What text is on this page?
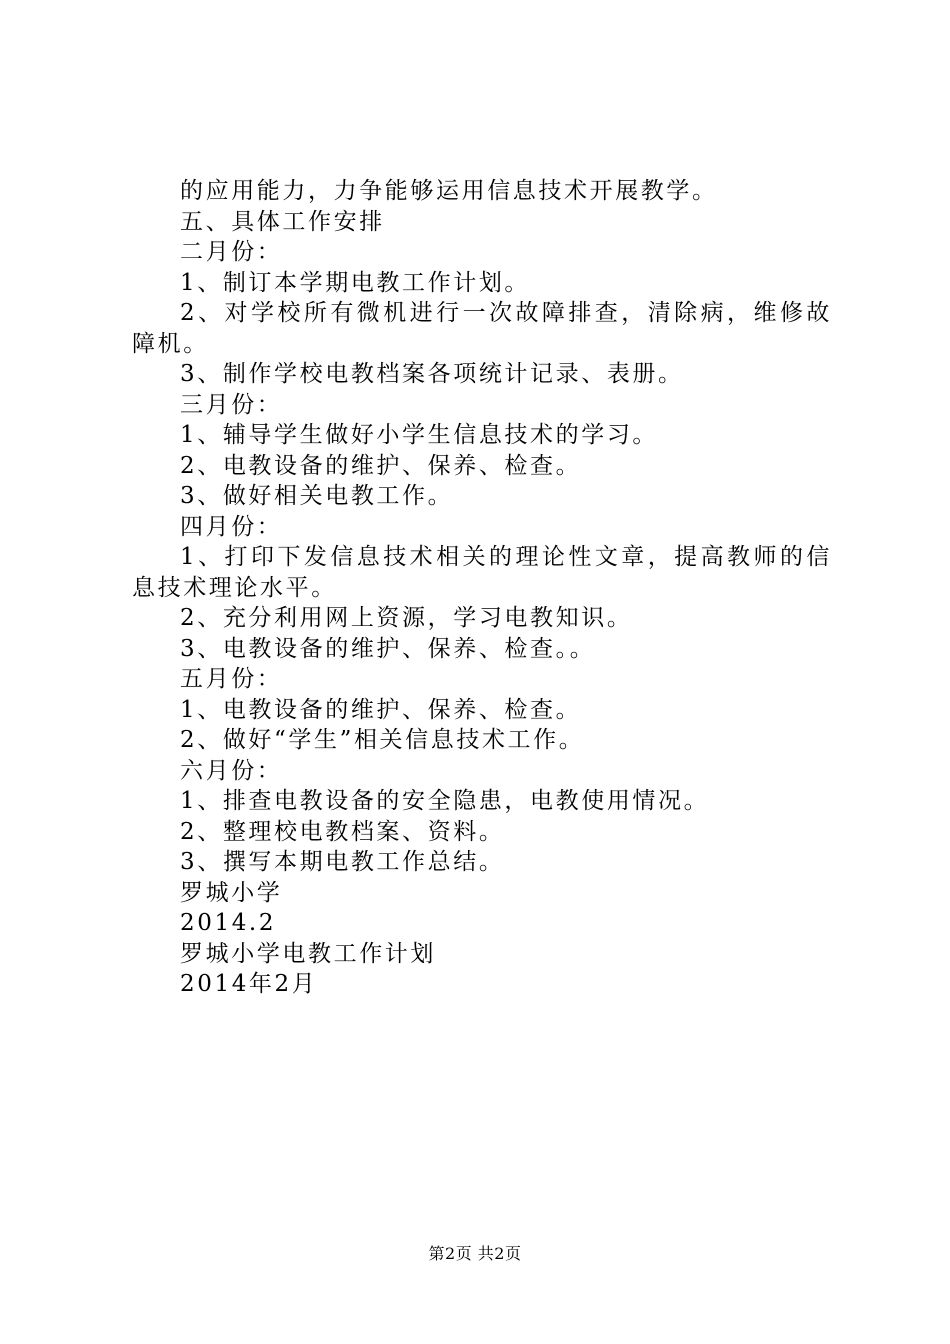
的应用能力，力争能够运用信息技术开展教学。

五、具体工作安排

二月份：

1、制订本学期电教工作计划。

2、对学校所有微机进行一次故障排查，清除病，维修故障机。

3、制作学校电教档案各项统计记录、表册。

三月份：

1、辅导学生做好小学生信息技术的学习。

2、电教设备的维护、保养、检查。

3、做好相关电教工作。

四月份：

1、打印下发信息技术相关的理论性文章，提高教师的信息技术理论水平。

2、充分利用网上资源，学习电教知识。

3、电教设备的维护、保养、检查。。

五月份：

1、电教设备的维护、保养、检查。

2、做好“学生”相关信息技术工作。

六月份：

1、排查电教设备的安全隐患，电教使用情况。

2、整理校电教档案、资料。

3、撰写本期电教工作总结。

罗城小学

2014.2

罗城小学电教工作计划

2014年2月

第2页 共2页
